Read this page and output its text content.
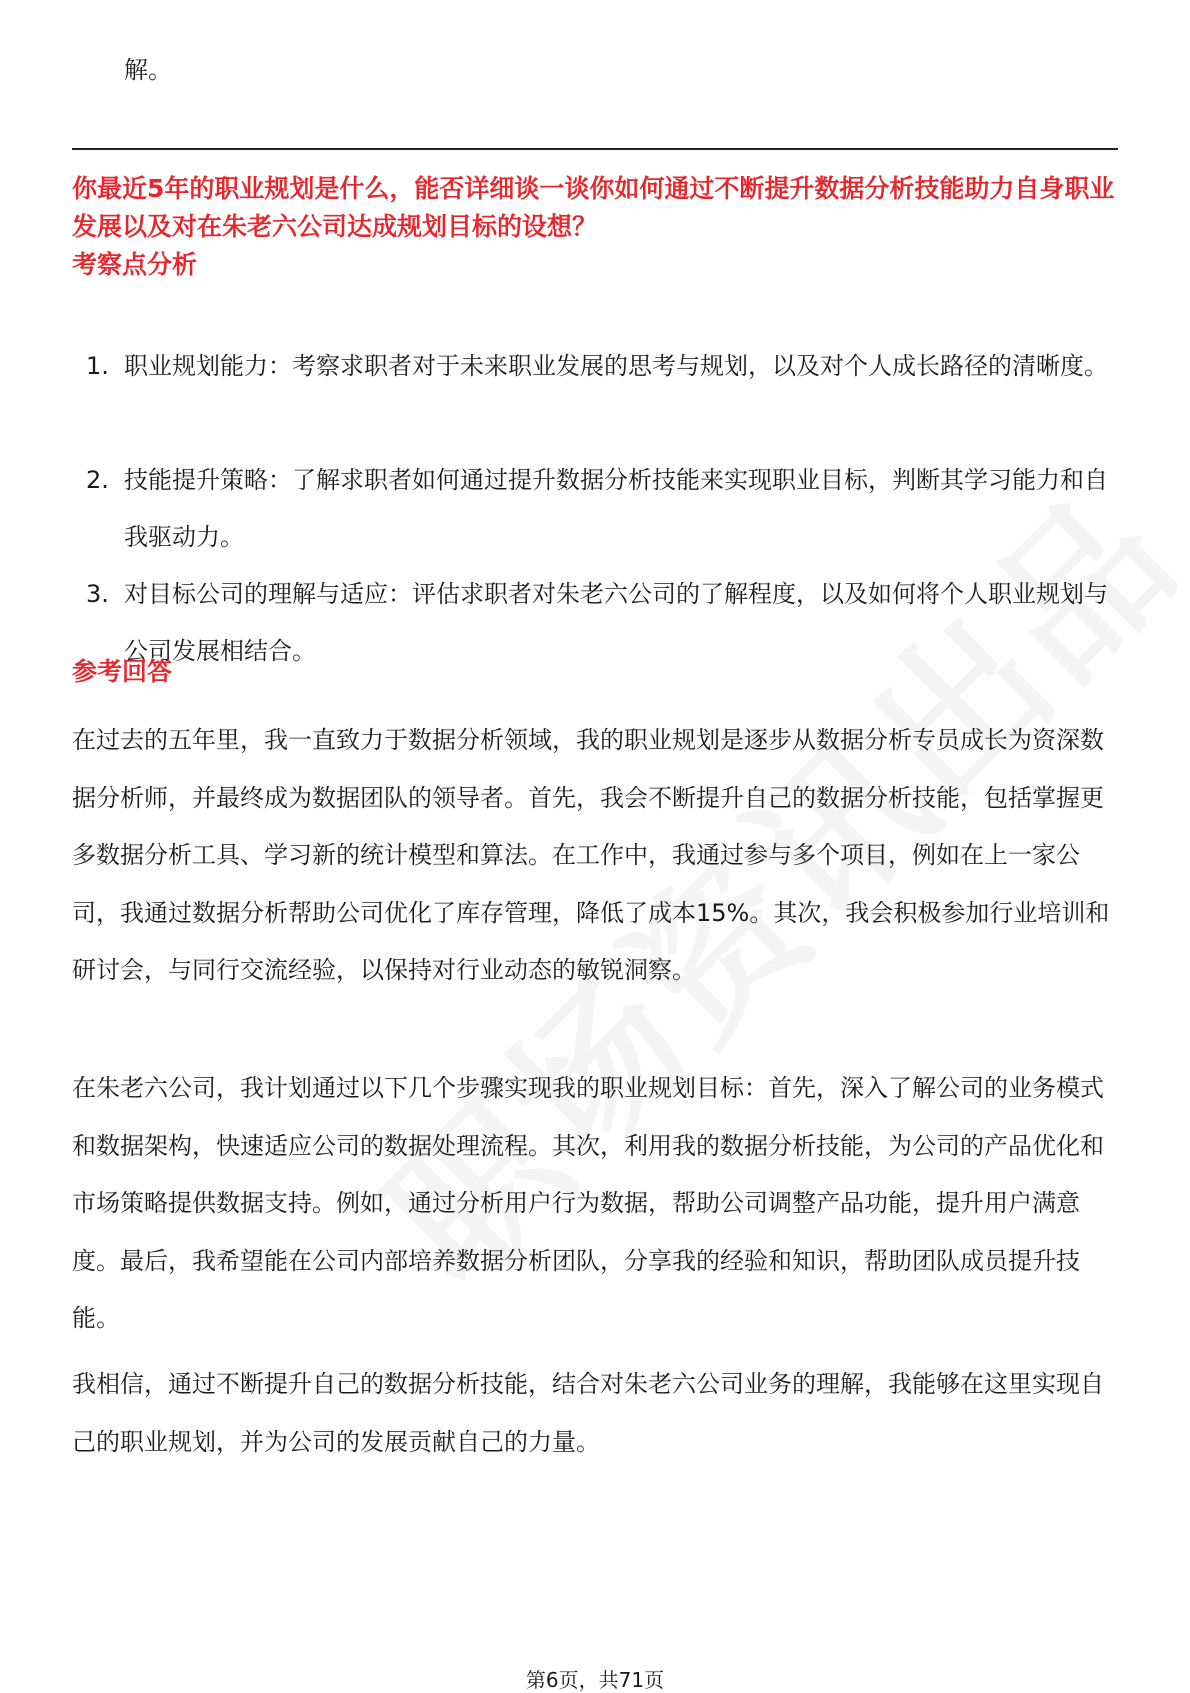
解。
你最近5年的职业规划是什么，能否详细谈一谈你如何通过不断提升数据分析技能助力自身职业发展以及对在朱老六公司达成规划目标的设想？
考察点分析
1. 职业规划能力：考察求职者对于未来职业发展的思考与规划，以及对个人成长路径的清晰度。
2. 技能提升策略：了解求职者如何通过提升数据分析技能来实现职业目标，判断其学习能力和自我驱动力。
3. 对目标公司的理解与适应：评估求职者对朱老六公司的了解程度，以及如何将个人职业规划与公司发展相结合。
参考回答

在过去的五年里，我一直致力于数据分析领域，我的职业规划是逐步从数据分析专员成长为资深数据分析师，并最终成为数据团队的领导者。首先，我会不断提升自己的数据分析技能，包括掌握更多数据分析工具、学习新的统计模型和算法。在工作中，我通过参与多个项目，例如在上一家公司，我通过数据分析帮助公司优化了库存管理，降低了成本15%。其次，我会积极参加行业培训和研讨会，与同行交流经验，以保持对行业动态的敏锐洞察。

在朱老六公司，我计划通过以下几个步骤实现我的职业规划目标：首先，深入了解公司的业务模式和数据架构，快速适应公司的数据处理流程。其次，利用我的数据分析技能，为公司的产品优化和市场策略提供数据支持。例如，通过分析用户行为数据，帮助公司调整产品功能，提升用户满意度。最后，我希望能在公司内部培养数据分析团队，分享我的经验和知识，帮助团队成员提升技能。

我相信，通过不断提升自己的数据分析技能，结合对朱老六公司业务的理解，我能够在这里实现自己的职业规划，并为公司的发展贡献自己的力量。

第6页，共71页
